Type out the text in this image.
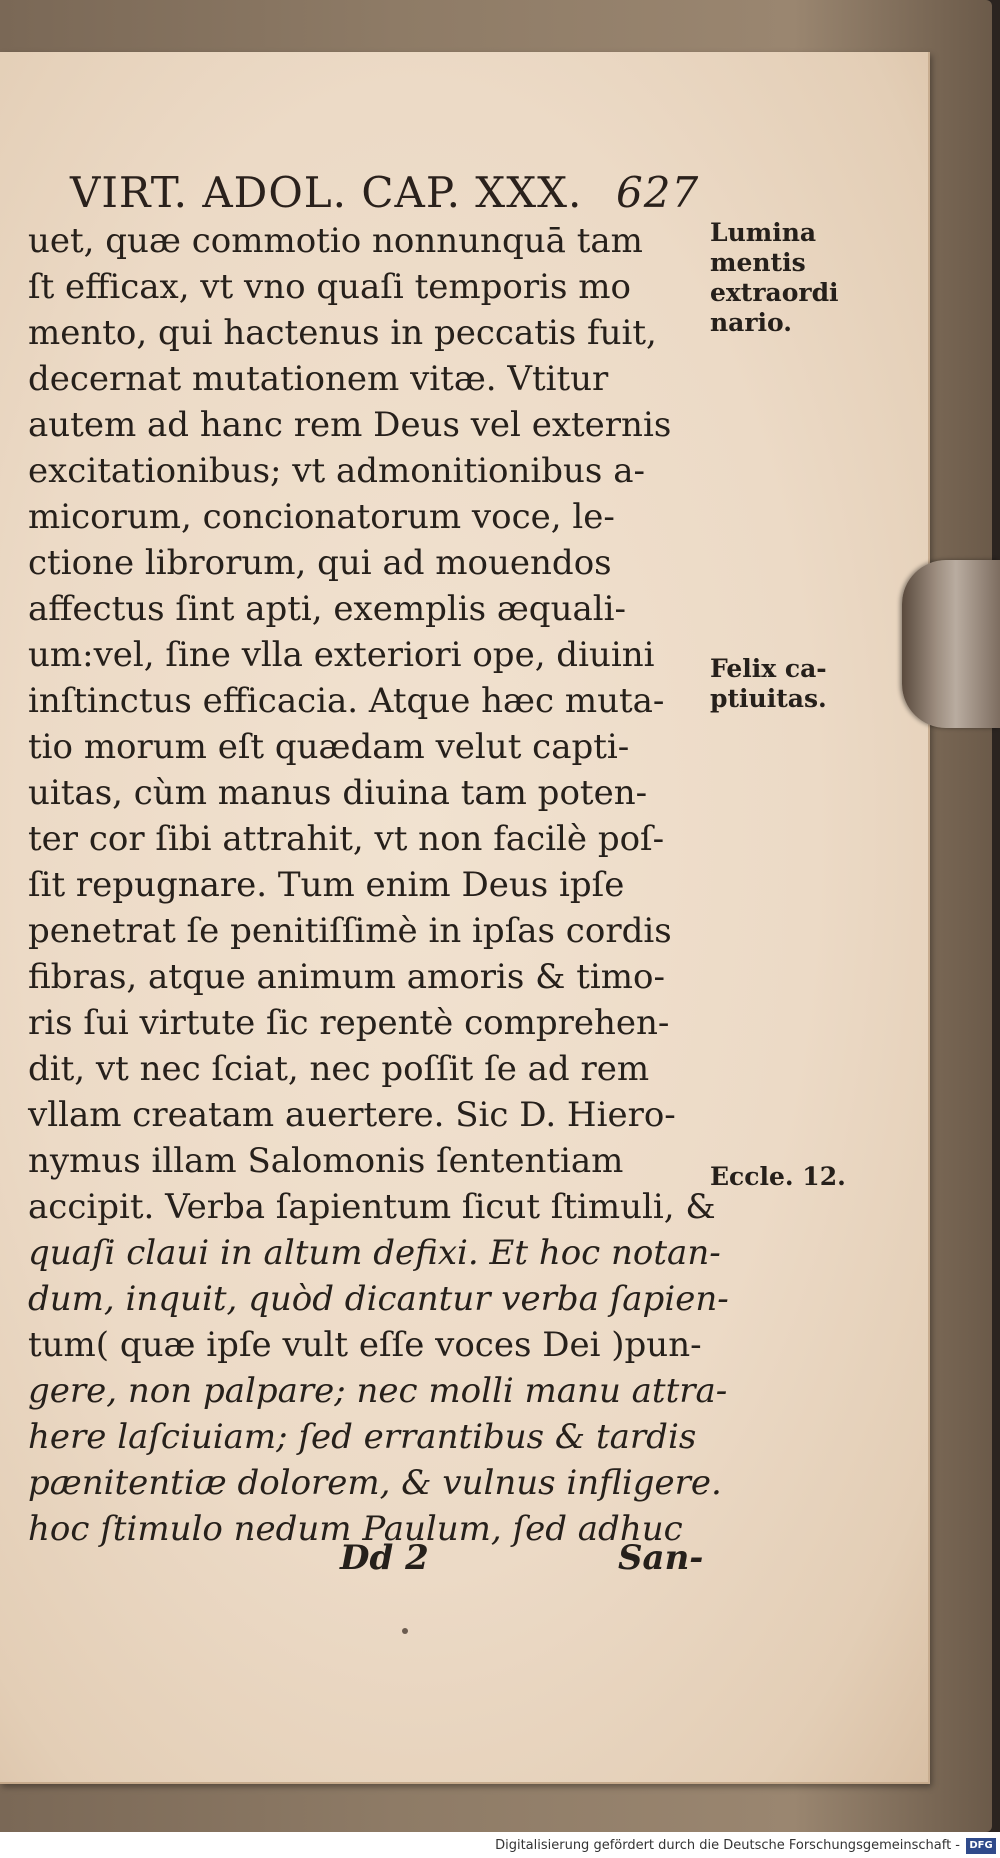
VIRT. ADOL. CAP. XXX. 627
uet, quæ commotio nonnunquā tam
ſt efficax, vt vno quaſi temporis mo
mento, qui hactenus in peccatis fuit,
decernat mutationem vitæ. Vtitur
autem ad hanc rem Deus vel externis
excitationibus; vt admonitionibus a-
micorum, concionatorum voce, le-
ctione librorum, qui ad mouendos
affectus ſint apti, exemplis æquali-
um:vel, ſine vlla exteriori ope, diuini
inſtinctus efficacia. Atque hæc muta-
tio morum eſt quædam velut capti-
uitas, cùm manus diuina tam poten-
ter cor ſibi attrahit, vt non facilè poſ-
ſit repugnare. Tum enim Deus ipſe
penetrat ſe penitiſſimè in ipſas cordis
fibras, atque animum amoris & timo-
ris ſui virtute ſic repentè comprehen-
dit, vt nec ſciat, nec poſſit ſe ad rem
vllam creatam auertere. Sic D. Hiero-
nymus illam Salomonis ſententiam
accipit. Verba ſapientum ſicut ſtimuli, &
quaſi claui in altum defixi. Et hoc notan-
dum, inquit, quòd dicantur verba ſapien-
tum( quæ ipſe vult eſſe voces Dei )pun-
gere, non palpare; nec molli manu attra-
here laſciuiam; ſed errantibus & tardis
pænitentiæ dolorem, & vulnus infligere.
hoc ſtimulo nedum Paulum, ſed adhuc
Lumina
mentis
extraordi
nario.
Felix ca-
ptiuitas.
Eccle. 12.
Dd 2	San-
Digitalisierung gefördert durch die Deutsche Forschungsgemeinschaft - DFG
